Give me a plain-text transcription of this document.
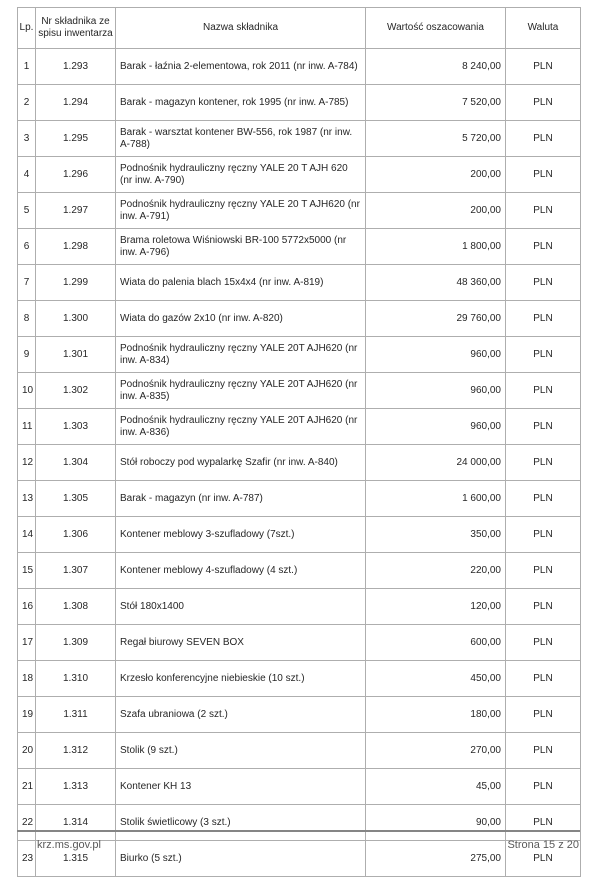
Lp.	Nr składnika ze spisu inwentarza	Nazwa składnika	Wartość oszacowania	Waluta
1	1.293	Barak - łaźnia 2-elementowa, rok 2011 (nr inw. A-784)	8 240,00	PLN
2	1.294	Barak - magazyn kontener, rok 1995 (nr inw. A-785)	7 520,00	PLN
3	1.295	Barak - warsztat kontener BW-556, rok 1987 (nr inw. A-788)	5 720,00	PLN
4	1.296	Podnośnik hydrauliczny ręczny YALE 20 T AJH 620 (nr inw. A-790)	200,00	PLN
5	1.297	Podnośnik hydrauliczny ręczny YALE 20 T AJH620 (nr inw. A-791)	200,00	PLN
6	1.298	Brama roletowa Wiśniowski BR-100 5772x5000 (nr inw. A-796)	1 800,00	PLN
7	1.299	Wiata do palenia blach 15x4x4 (nr inw. A-819)	48 360,00	PLN
8	1.300	Wiata do gazów 2x10 (nr inw. A-820)	29 760,00	PLN
9	1.301	Podnośnik hydrauliczny ręczny YALE 20T AJH620 (nr inw. A-834)	960,00	PLN
10	1.302	Podnośnik hydrauliczny ręczny YALE 20T AJH620 (nr inw. A-835)	960,00	PLN
11	1.303	Podnośnik hydrauliczny ręczny YALE 20T AJH620 (nr inw. A-836)	960,00	PLN
12	1.304	Stół roboczy pod wypalarkę Szafir (nr inw. A-840)	24 000,00	PLN
13	1.305	Barak - magazyn (nr inw. A-787)	1 600,00	PLN
14	1.306	Kontener meblowy 3-szufladowy (7szt.)	350,00	PLN
15	1.307	Kontener meblowy 4-szufladowy (4 szt.)	220,00	PLN
16	1.308	Stół 180x1400	120,00	PLN
17	1.309	Regał biurowy SEVEN BOX	600,00	PLN
18	1.310	Krzesło konferencyjne niebieskie (10 szt.)	450,00	PLN
19	1.311	Szafa ubraniowa (2 szt.)	180,00	PLN
20	1.312	Stolik (9 szt.)	270,00	PLN
21	1.313	Kontener KH 13	45,00	PLN
22	1.314	Stolik świetlicowy (3 szt.)	90,00	PLN
23	1.315	Biurko (5 szt.)	275,00	PLN
krz.ms.gov.pl	Strona 15 z 20
